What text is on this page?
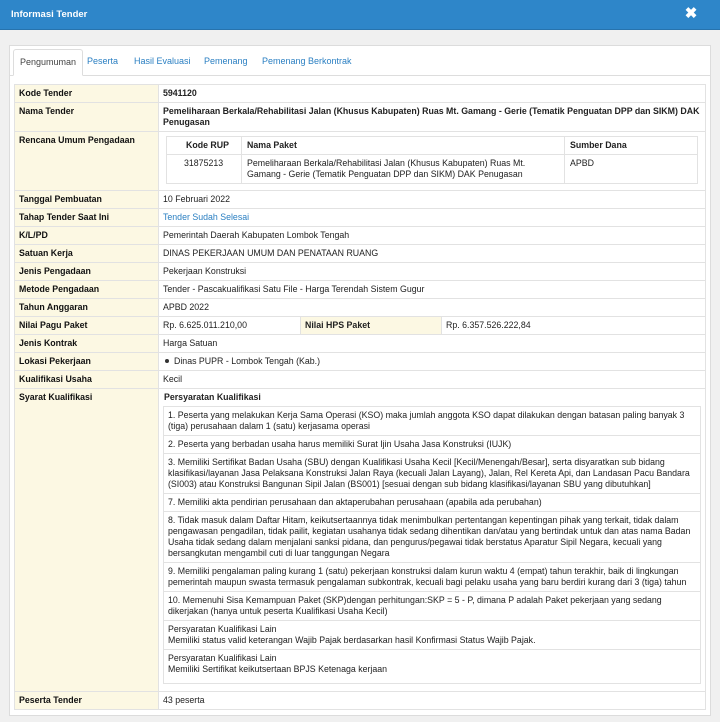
Informasi Tender	✖
Pengumuman	Peserta	Hasil Evaluasi	Pemenang	Pemenang Berkontrak
Kode Tender	5941120
Nama Tender	Pemeliharaan Berkala/Rehabilitasi Jalan (Khusus Kabupaten) Ruas Mt. Gamang - Gerie (Tematik Penguatan DPP dan SIKM) DAK Penugasan
Rencana Umum Pengadaan		Kode RUP	Nama Paket	Sumber Dana
31875213	Pemeliharaan Berkala/Rehabilitasi Jalan (Khusus Kabupaten) Ruas Mt. Gamang - Gerie (Tematik Penguatan DPP dan SIKM) DAK Penugasan	APBD

Tanggal Pembuatan	10 Februari 2022
Tahap Tender Saat Ini	Tender Sudah Selesai
K/L/PD	Pemerintah Daerah Kabupaten Lombok Tengah
Satuan Kerja	DINAS PEKERJAAN UMUM DAN PENATAAN RUANG
Jenis Pengadaan	Pekerjaan Konstruksi
Metode Pengadaan	Tender - Pascakualifikasi Satu File - Harga Terendah Sistem Gugur
Tahun Anggaran	APBD 2022
Nilai Pagu Paket	Rp. 6.625.011.210,00	Nilai HPS Paket	Rp. 6.357.526.222,84

Jenis Kontrak	Harga Satuan
Lokasi Pekerjaan	Dinas PUPR - Lombok Tengah (Kab.)
Kualifikasi Usaha	Kecil
Syarat Kualifikasi	Persyaratan Kualifikasi
1. Peserta yang melakukan Kerja Sama Operasi (KSO) maka jumlah anggota KSO dapat dilakukan dengan batasan paling banyak 3 (tiga) perusahaan dalam 1 (satu) kerjasama operasi
2. Peserta yang berbadan usaha harus memiliki Surat Ijin Usaha Jasa Konstruksi (IUJK)
3. Memiliki Sertifikat Badan Usaha (SBU) dengan Kualifikasi Usaha Kecil [Kecil/Menengah/Besar], serta disyaratkan sub bidang klasifikasi/layanan Jasa Pelaksana Konstruksi Jalan Raya (kecuali Jalan Layang), Jalan, Rel Kereta Api, dan Landasan Pacu Bandara (SI003) atau Konstruksi Bangunan Sipil Jalan (BS001) [sesuai dengan sub bidang klasifikasi/layanan SBU yang dibutuhkan]
7. Memiliki akta pendirian perusahaan dan aktaperubahan perusahaan (apabila ada perubahan)
8. Tidak masuk dalam Daftar Hitam, keikutsertaannya tidak menimbulkan pertentangan kepentingan pihak yang terkait, tidak dalam pengawasan pengadilan, tidak pailit, kegiatan usahanya tidak sedang dihentikan dan/atau yang bertindak untuk dan atas nama Badan Usaha tidak sedang dalam menjalani sanksi pidana, dan pengurus/pegawai tidak berstatus Aparatur Sipil Negara, kecuali yang bersangkutan mengambil cuti di luar tanggungan Negara
9. Memiliki pengalaman paling kurang 1 (satu) pekerjaan konstruksi dalam kurun waktu 4 (empat) tahun terakhir, baik di lingkungan pemerintah maupun swasta termasuk pengalaman subkontrak, kecuali bagi pelaku usaha yang baru berdiri kurang dari 3 (tiga) tahun
10. Memenuhi Sisa Kemampuan Paket (SKP)dengan perhitungan:SKP = 5 - P, dimana P adalah Paket pekerjaan yang sedang dikerjakan (hanya untuk peserta Kualifikasi Usaha Kecil)
Persyaratan Kualifikasi Lain
Memiliki status valid keterangan Wajib Pajak berdasarkan hasil Konfirmasi Status Wajib Pajak.
Persyaratan Kualifikasi Lain
Memiliki Sertifikat keikutsertaan BPJS Ketenaga kerjaan

Peserta Tender	43 peserta
